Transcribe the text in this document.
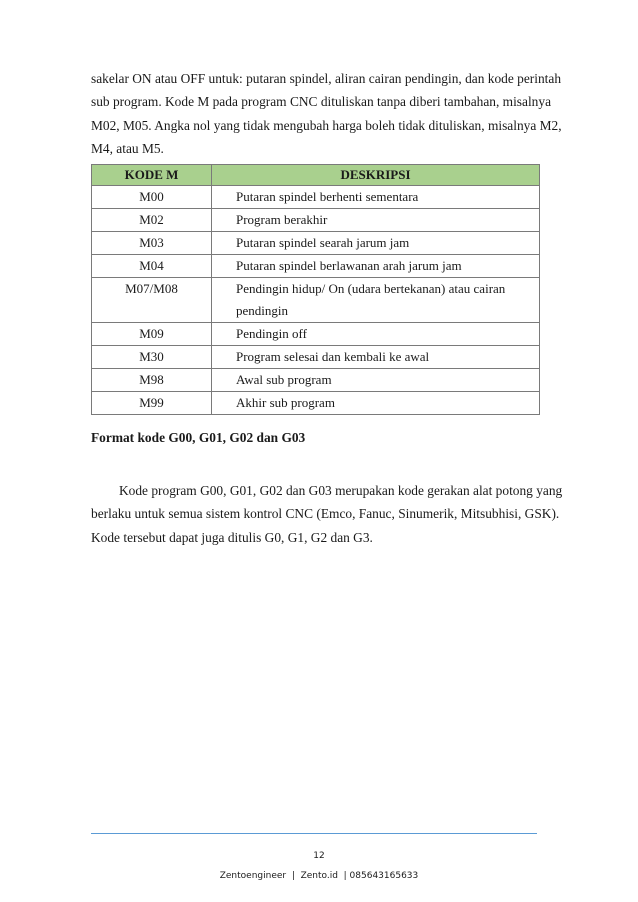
sakelar ON atau OFF untuk: putaran spindel, aliran cairan pendingin, dan kode perintah
sub program. Kode M pada program CNC dituliskan tanpa diberi tambahan, misalnya
M02, M05. Angka nol yang tidak mengubah harga boleh tidak dituliskan, misalnya M2,
M4, atau M5.

KODE M	DESKRIPSI
M00	Putaran spindel berhenti sementara
M02	Program berakhir
M03	Putaran spindel searah jarum jam
M04	Putaran spindel berlawanan arah jarum jam
M07/M08	Pendingin hidup/ On (udara bertekanan) atau cairan
pendingin
M09	Pendingin off
M30	Program selesai dan kembali ke awal
M98	Awal sub program
M99	Akhir sub program
Format kode G00, G01, G02 dan G03

Kode program G00, G01, G02 dan G03 merupakan kode gerakan alat potong yang
berlaku untuk semua sistem kontrol CNC (Emco, Fanuc, Sinumerik, Mitsubhisi, GSK).
Kode tersebut dapat juga ditulis G0, G1, G2 dan G3.

12
Zentoengineer  |  Zento.id  | 085643165633
